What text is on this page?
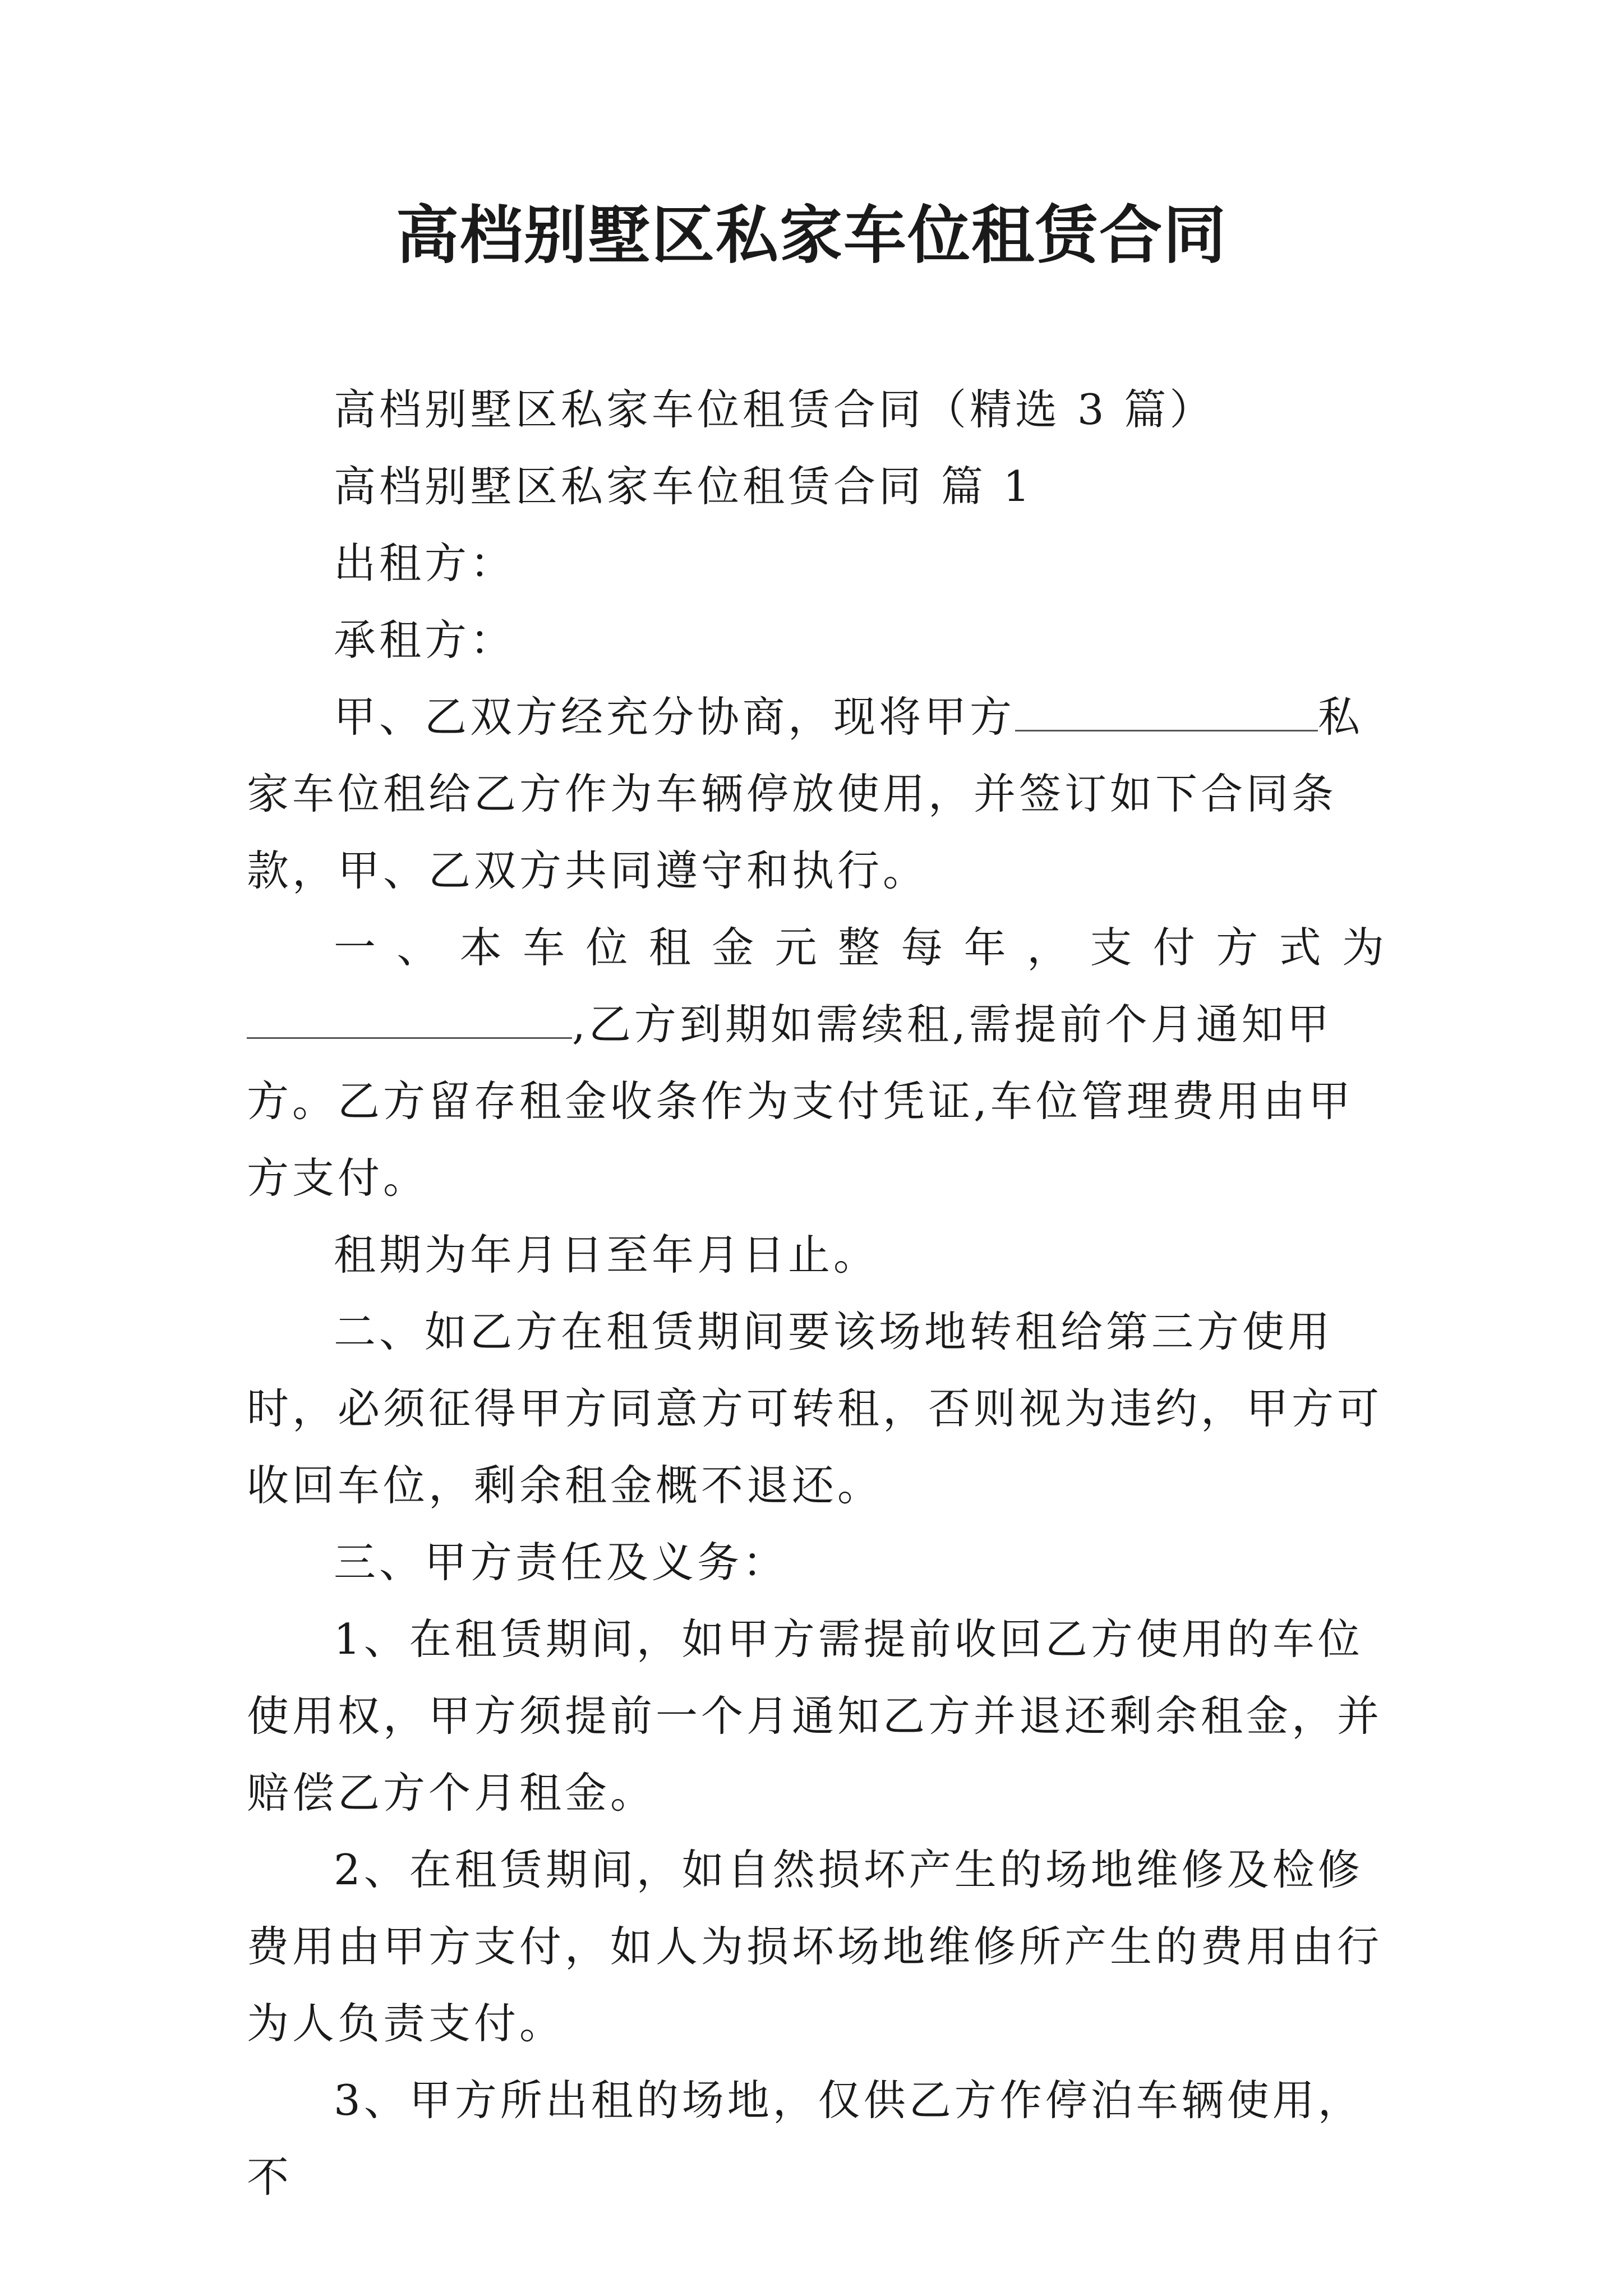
高档别墅区私家车位租赁合同

高档别墅区私家车位租赁合同（精选 3 篇）

高档别墅区私家车位租赁合同 篇 1

出租方：

承租方：

甲、乙双方经充分协商，现将甲方	私家车位租给乙方作为车辆停放使用，并签订如下合同条款，甲、乙双方共同遵守和执行。

一、本车位租金元整每年，支付方式为

,乙方到期如需续租,需提前个月通知甲方。乙方留存租金收条作为支付凭证,车位管理费用由甲方支付。

租期为年月日至年月日止。

二、如乙方在租赁期间要该场地转租给第三方使用时，必须征得甲方同意方可转租，否则视为违约，甲方可收回车位，剩余租金概不退还。

三、甲方责任及义务：

1、在租赁期间，如甲方需提前收回乙方使用的车位使用权，甲方须提前一个月通知乙方并退还剩余租金，并赔偿乙方个月租金。

2、在租赁期间，如自然损坏产生的场地维修及检修费用由甲方支付，如人为损坏场地维修所产生的费用由行为人负责支付。

3、甲方所出租的场地，仅供乙方作停泊车辆使用，不
